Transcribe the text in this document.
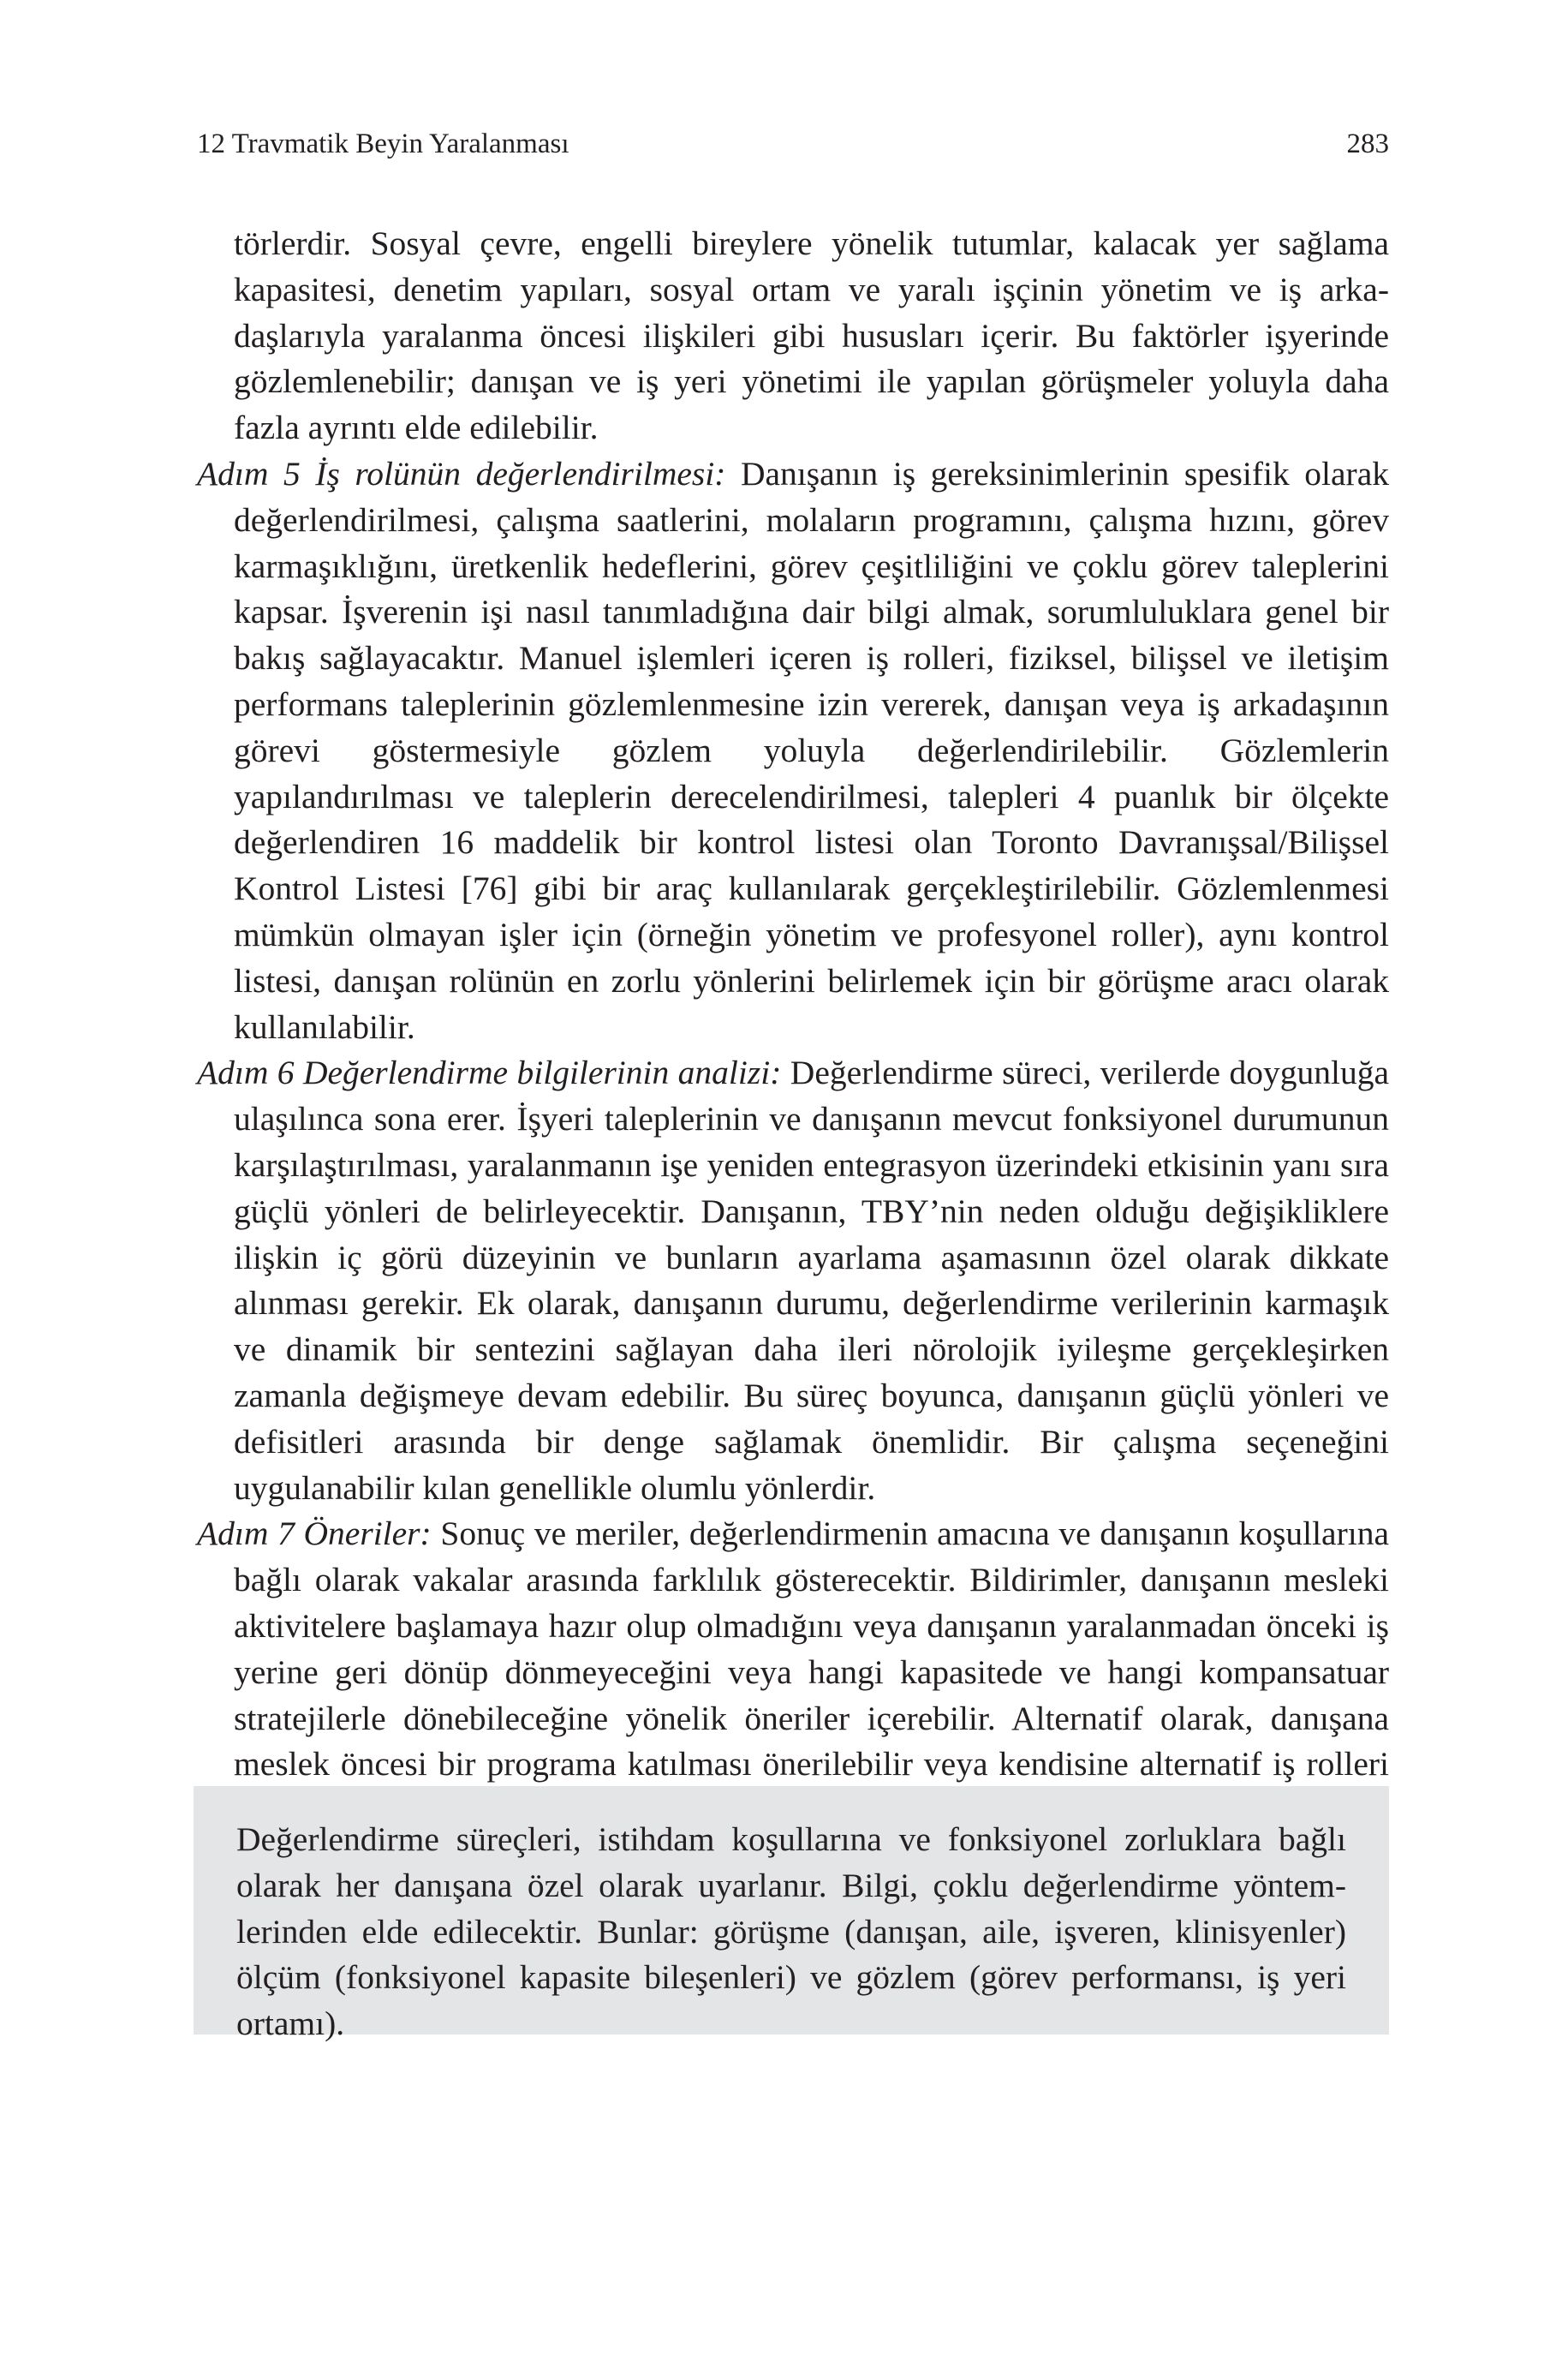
12 Travmatik Beyin Yaralanması	283

törlerdir. Sosyal çevre, engelli bireylere yönelik tutumlar, kalacak yer sağlama kapasitesi, denetim yapıları, sosyal ortam ve yaralı işçinin yönetim ve iş arkadaşlarıyla yaralanma öncesi ilişkileri gibi hususları içerir. Bu faktörler işyerinde gözlemlenebilir; danışan ve iş yeri yönetimi ile yapılan görüşmeler yoluyla daha fazla ayrıntı elde edilebilir.

Adım 5 İş rolünün değerlendirilmesi: Danışanın iş gereksinimlerinin spesifik olarak değerlendirilmesi, çalışma saatlerini, molaların programını, çalışma hızını, görev karmaşıklığını, üretkenlik hedeflerini, görev çeşitliliğini ve çoklu görev taleplerini kapsar. İşverenin işi nasıl tanımladığına dair bilgi almak, sorumluluklara genel bir bakış sağlayacaktır. Manuel işlemleri içeren iş rolleri, fiziksel, bilişsel ve iletişim performans taleplerinin gözlemlenmesine izin vererek, danışan veya iş arkadaşının görevi göstermesiyle gözlem yoluyla değerlendirilebilir. Gözlemlerin yapılandırılması ve taleplerin derecelendirilmesi, talepleri 4 puanlık bir ölçekte değerlendiren 16 maddelik bir kontrol listesi olan Toronto Davranışsal/Bilişsel Kontrol Listesi [76] gibi bir araç kullanılarak gerçekleştirilebilir. Gözlemlenmesi mümkün olmayan işler için (örneğin yönetim ve profesyonel roller), aynı kontrol listesi, danışan rolünün en zorlu yönlerini belirlemek için bir görüşme aracı olarak kullanılabilir.

Adım 6 Değerlendirme bilgilerinin analizi: Değerlendirme süreci, verilerde doygunluğa ulaşılınca sona erer. İşyeri taleplerinin ve danışanın mevcut fonksiyonel durumunun karşılaştırılması, yaralanmanın işe yeniden entegrasyon üzerindeki etkisinin yanı sıra güçlü yönleri de belirleyecektir. Danışanın, TBY’nin neden olduğu değişikliklere ilişkin iç görü düzeyinin ve bunların ayarlama aşamasının özel olarak dikkate alınması gerekir. Ek olarak, danışanın durumu, değerlendirme verilerinin karmaşık ve dinamik bir sentezini sağlayan daha ileri nörolojik iyileşme gerçekleşirken zamanla değişmeye devam edebilir. Bu süreç boyunca, danışanın güçlü yönleri ve defisitleri arasında bir denge sağlamak önemlidir. Bir çalışma seçeneğini uygulanabilir kılan genellikle olumlu yönlerdir.

Adım 7 Öneriler: Sonuç ve meriler, değerlendirmenin amacına ve danışanın koşullarına bağlı olarak vakalar arasında farklılık gösterecektir. Bildirimler, danışanın mesleki aktivitelere başlamaya hazır olup olmadığını veya danışanın yaralanmadan önceki iş yerine geri dönüp dönmeyeceğini veya hangi kapasitede ve hangi kompansatuar stratejilerle dönebileceğine yönelik öneriler içerebilir. Alternatif olarak, danışana meslek öncesi bir programa katılması önerilebilir veya kendisine alternatif iş rolleri

Değerlendirme süreçleri, istihdam koşullarına ve fonksiyonel zorluklara bağlı olarak her danışana özel olarak uyarlanır. Bilgi, çoklu değerlendirme yöntemlerinden elde edilecektir. Bunlar: görüşme (danışan, aile, işveren, klinisyenler) ölçüm (fonksiyonel kapasite bileşenleri) ve gözlem (görev performansı, iş yeri ortamı).
